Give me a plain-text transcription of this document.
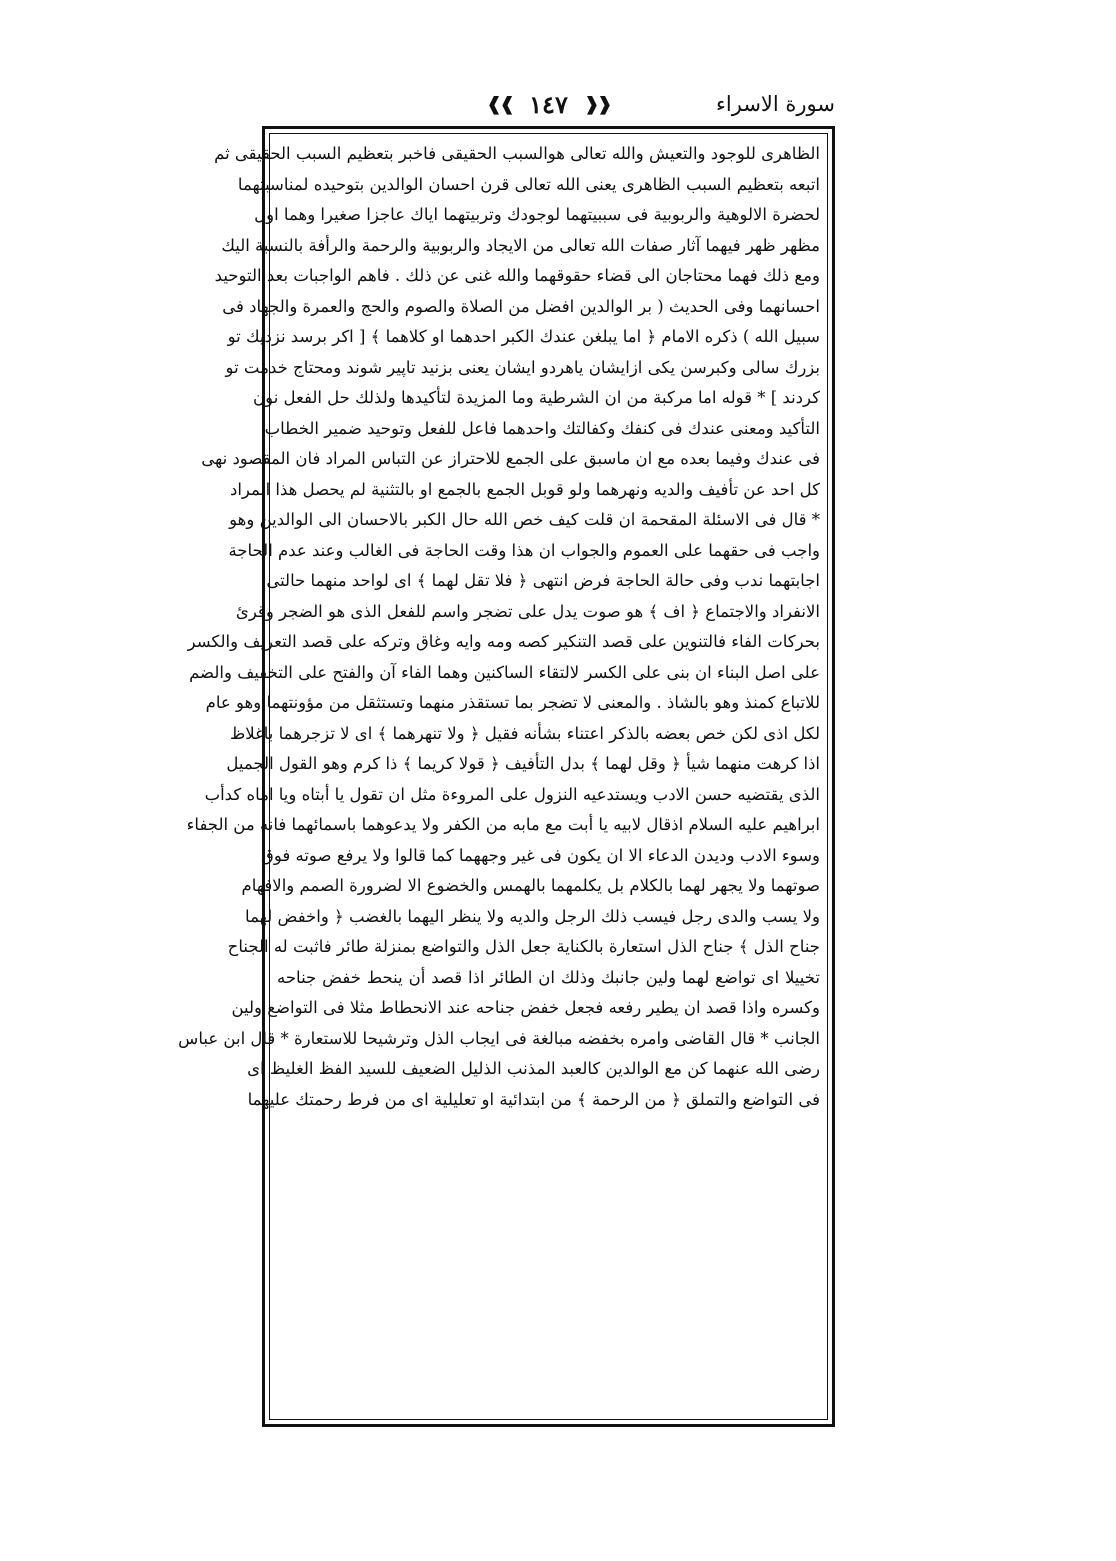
❰❰ ١٤٧ ❱❱	سورة الاسراء
الظاهرى للوجود والتعيش والله تعالى هوالسبب الحقيقى فاخبر بتعظيم السبب الحقيقى ثم
اتبعه بتعظيم السبب الظاهرى يعنى الله تعالى قرن احسان الوالدين بتوحيده لمناسبتهما
لحضرة الالوهية والربوبية فى سببيتهما لوجودك وتربيتهما اياك عاجزا صغيرا وهما اول
مظهر ظهر فيهما آثار صفات الله تعالى من الايجاد والربوبية والرحمة والرأفة بالنسبة اليك
ومع ذلك فهما محتاجان الى قضاء حقوقهما والله غنى عن ذلك . فاهم الواجبات بعد التوحيد
احسانهما وفى الحديث ( بر الوالدين افضل من الصلاة والصوم والحج والعمرة والجهاد فى
سبيل الله ) ذكره الامام ﴿ اما يبلغن عندك الكبر احدهما او كلاهما ﴾ [ اكر برسد نزديك تو
بزرك سالى وكبرسن يكى ازايشان ياهردو ايشان يعنى بزنيد تاپير شوند ومحتاج خدمت تو
كردند ] * قوله اما مركبة من ان الشرطية وما المزيدة لتأكيدها ولذلك حل الفعل نون
التأكيد ومعنى عندك فى كنفك وكفالتك واحدهما فاعل للفعل وتوحيد ضمير الخطاب
فى عندك وفيما بعده مع ان ماسبق على الجمع للاحتراز عن التباس المراد فان المقصود نهى
كل احد عن تأفيف والديه ونهرهما ولو قوبل الجمع بالجمع او بالتثنية لم يحصل هذا المراد
* قال فى الاسئلة المقحمة ان قلت كيف خص الله حال الكبر بالاحسان الى الوالدين وهو
واجب فى حقهما على العموم والجواب ان هذا وقت الحاجة فى الغالب وعند عدم الحاجة
اجابتهما ندب وفى حالة الحاجة فرض انتهى ﴿ فلا تقل لهما ﴾ اى لواحد منهما حالتى
الانفراد والاجتماع ﴿ اف ﴾ هو صوت يدل على تضجر واسم للفعل الذى هو الضجر وقرئ
بحركات الفاء فالتنوين على قصد التنكير كصه ومه وايه وغاق وتركه على قصد التعريف والكسر
على اصل البناء ان بنى على الكسر لالتقاء الساكنين وهما الفاء آن والفتح على التخفيف والضم
للاتباع كمنذ وهو بالشاذ . والمعنى لا تضجر بما تستقذر منهما وتستثقل من مؤونتهما وهو عام
لكل اذى لكن خص بعضه بالذكر اعتناء بشأنه فقيل ﴿ ولا تنهرهما ﴾ اى لا تزجرهما باغلاظ
اذا كرهت منهما شيأ ﴿ وقل لهما ﴾ بدل التأفيف ﴿ قولا كريما ﴾ ذا كرم وهو القول الجميل
الذى يقتضيه حسن الادب ويستدعيه النزول على المروءة مثل ان تقول يا أبتاه ويا اماه كدأب
ابراهيم عليه السلام اذقال لابيه يا أبت مع مابه من الكفر ولا يدعوهما باسمائهما فانه من الجفاء
وسوء الادب وديدن الدعاء الا ان يكون فى غير وجههما كما قالوا ولا يرفع صوته فوق
صوتهما ولا يجهر لهما بالكلام بل يكلمهما بالهمس والخضوع الا لضرورة الصمم والافهام
ولا يسب والدى رجل فيسب ذلك الرجل والديه ولا ينظر اليهما بالغضب ﴿ واخفض لهما
جناح الذل ﴾ جناح الذل استعارة بالكناية جعل الذل والتواضع بمنزلة طائر فاثبت له الجناح
تخييلا اى تواضع لهما ولين جانبك وذلك ان الطائر اذا قصد أن ينحط خفض جناحه
وكسره واذا قصد ان يطير رفعه فجعل خفض جناحه عند الانحطاط مثلا فى التواضع ولين
الجانب * قال القاضى وامره بخفضه مبالغة فى ايجاب الذل وترشيحا للاستعارة * قال ابن عباس
رضى الله عنهما كن مع الوالدين كالعبد المذنب الذليل الضعيف للسيد الفظ الغليظ اى
فى التواضع والتملق ﴿ من الرحمة ﴾ من ابتدائية او تعليلية اى من فرط رحمتك عليهما
